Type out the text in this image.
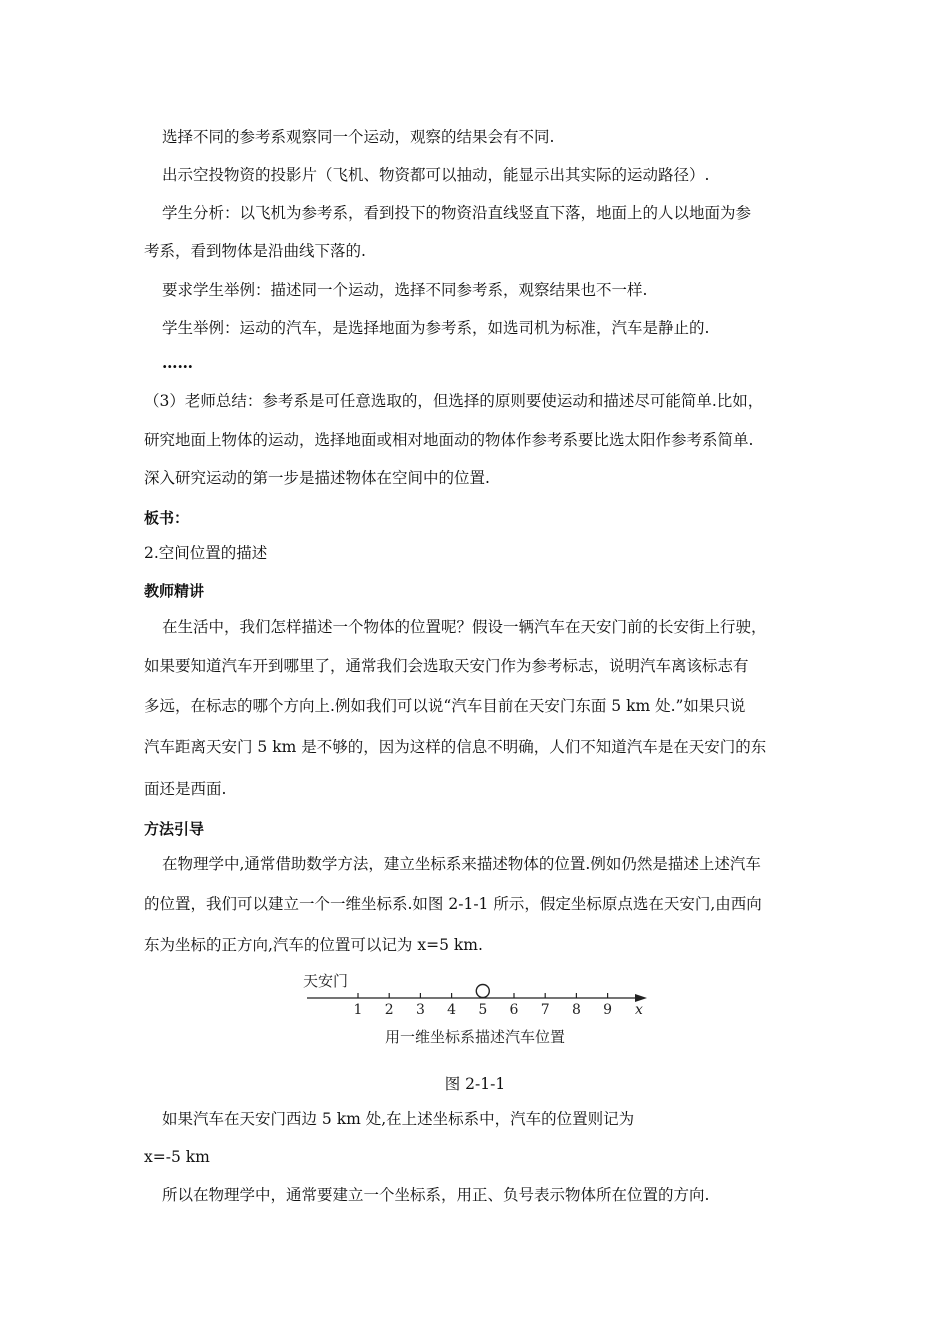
选择不同的参考系观察同一个运动，观察的结果会有不同.
出示空投物资的投影片（飞机、物资都可以抽动，能显示出其实际的运动路径）.
学生分析：以飞机为参考系，看到投下的物资沿直线竖直下落，地面上的人以地面为参
考系，看到物体是沿曲线下落的.
要求学生举例：描述同一个运动，选择不同参考系，观察结果也不一样.
学生举例：运动的汽车，是选择地面为参考系，如选司机为标准，汽车是静止的.
……
（3）老师总结：参考系是可任意选取的，但选择的原则要使运动和描述尽可能简单.比如，
研究地面上物体的运动，选择地面或相对地面动的物体作参考系要比选太阳作参考系简单.
深入研究运动的第一步是描述物体在空间中的位置.
板书：
2.空间位置的描述
教师精讲
在生活中，我们怎样描述一个物体的位置呢？假设一辆汽车在天安门前的长安街上行驶，
如果要知道汽车开到哪里了，通常我们会选取天安门作为参考标志，说明汽车离该标志有
多远，在标志的哪个方向上.例如我们可以说“汽车目前在天安门东面 5 km 处.”如果只说
汽车距离天安门 5 km 是不够的，因为这样的信息不明确，人们不知道汽车是在天安门的东
面还是西面.
方法引导
在物理学中,通常借助数学方法，建立坐标系来描述物体的位置.例如仍然是描述上述汽车
的位置，我们可以建立一个一维坐标系.如图 2-1-1 所示，假定坐标原点选在天安门,由西向
东为坐标的正方向,汽车的位置可以记为 x=5 km.
天安门
1 2 3 4 5 6 7 8 9 x
用一维坐标系描述汽车位置
图 2-1-1
如果汽车在天安门西边 5 km 处,在上述坐标系中，汽车的位置则记为
x=-5 km
所以在物理学中，通常要建立一个坐标系，用正、负号表示物体所在位置的方向.
